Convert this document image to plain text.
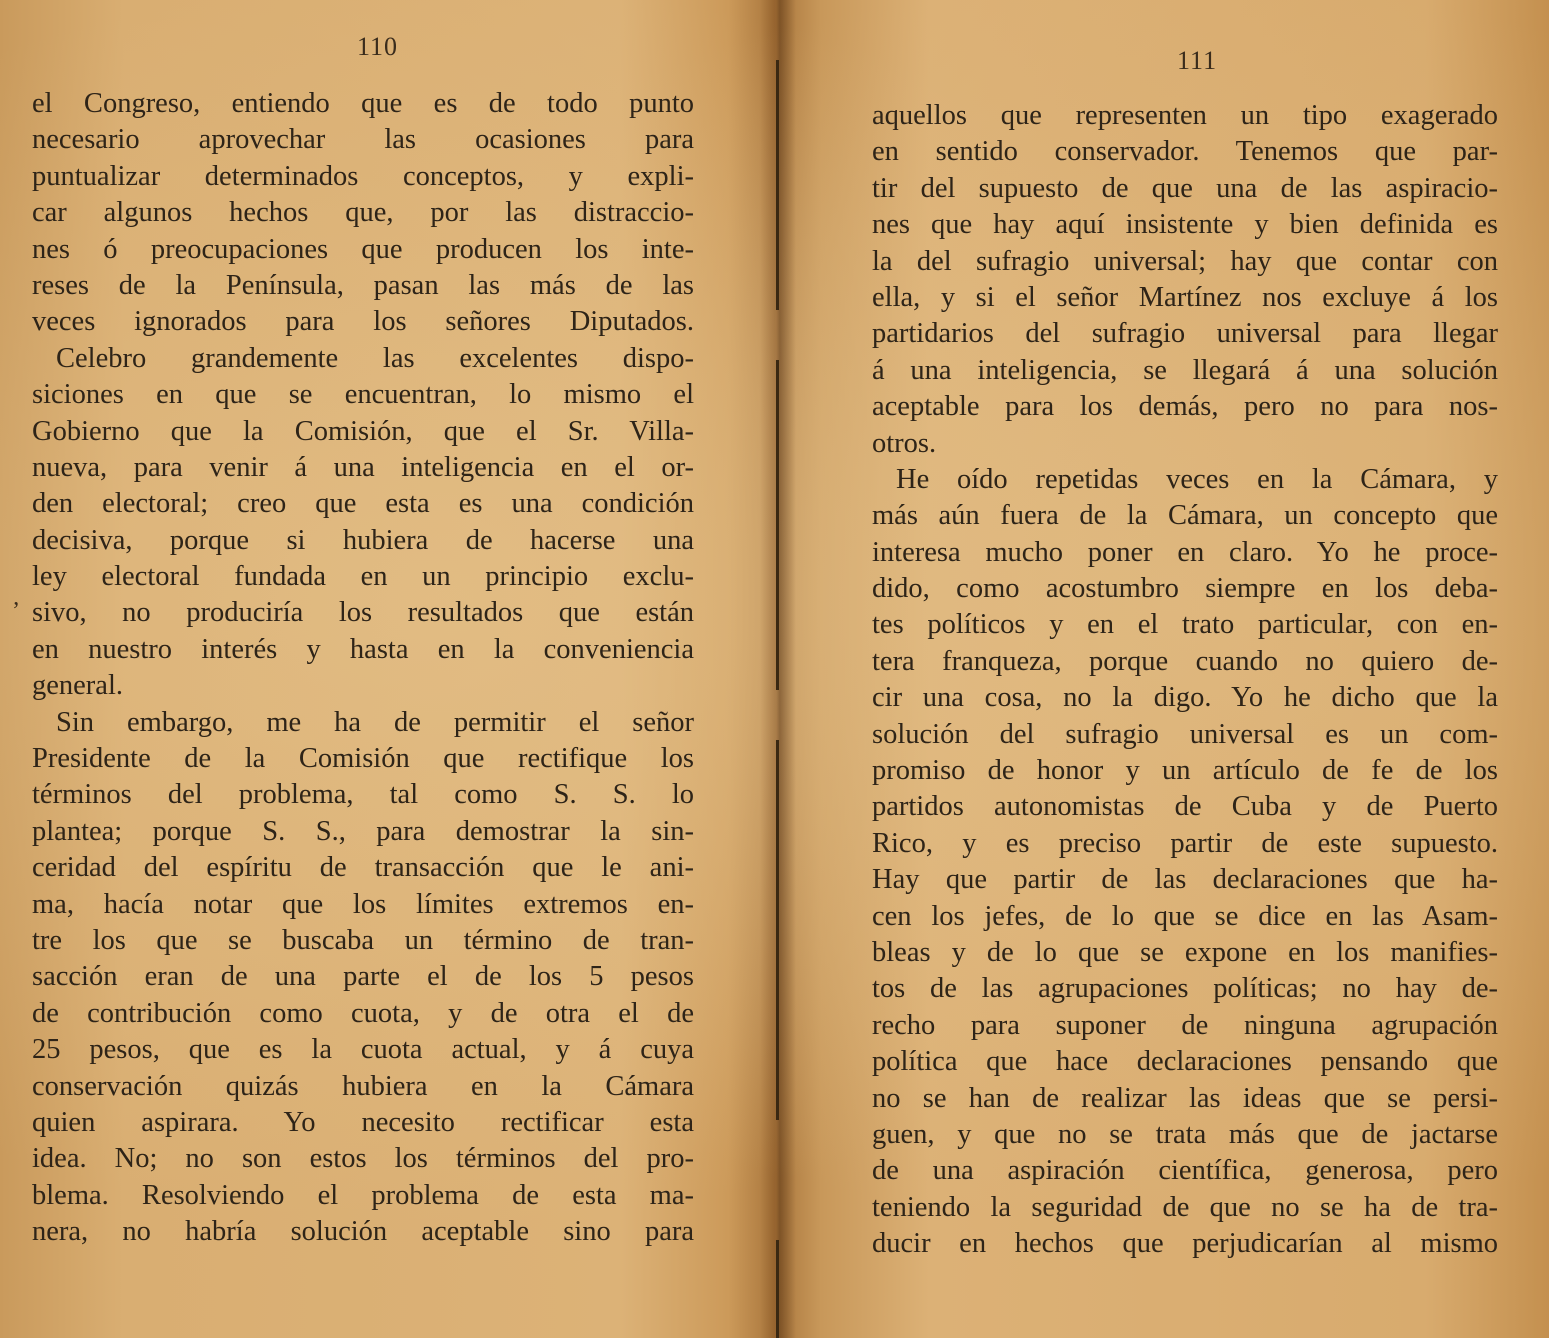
110
el Congreso, entiendo que es de todo punto
necesario aprovechar las ocasiones para
puntualizar determinados conceptos, y expli-
car algunos hechos que, por las distraccio-
nes ó preocupaciones que producen los inte-
reses de la Península, pasan las más de las
veces ignorados para los señores Diputados.
Celebro grandemente las excelentes dispo-
siciones en que se encuentran, lo mismo el
Gobierno que la Comisión, que el Sr. Villa-
nueva, para venir á una inteligencia en el or-
den electoral; creo que esta es una condición
decisiva, porque si hubiera de hacerse una
ley electoral fundada en un principio exclu-
sivo, no produciría los resultados que están
en nuestro interés y hasta en la conveniencia
general.
Sin embargo, me ha de permitir el señor
Presidente de la Comisión que rectifique los
términos del problema, tal como S. S. lo
plantea; porque S. S., para demostrar la sin-
ceridad del espíritu de transacción que le ani-
ma, hacía notar que los límites extremos en-
tre los que se buscaba un término de tran-
sacción eran de una parte el de los 5 pesos
de contribución como cuota, y de otra el de
25 pesos, que es la cuota actual, y á cuya
conservación quizás hubiera en la Cámara
quien aspirara. Yo necesito rectificar esta
idea. No; no son estos los términos del pro-
blema. Resolviendo el problema de esta ma-
nera, no habría solución aceptable sino para
ʼ
111
aquellos que representen un tipo exagerado
en sentido conservador. Tenemos que par-
tir del supuesto de que una de las aspiracio-
nes que hay aquí insistente y bien definida es
la del sufragio universal; hay que contar con
ella, y si el señor Martínez nos excluye á los
partidarios del sufragio universal para llegar
á una inteligencia, se llegará á una solución
aceptable para los demás, pero no para nos-
otros.
He oído repetidas veces en la Cámara, y
más aún fuera de la Cámara, un concepto que
interesa mucho poner en claro. Yo he proce-
dido, como acostumbro siempre en los deba-
tes políticos y en el trato particular, con en-
tera franqueza, porque cuando no quiero de-
cir una cosa, no la digo. Yo he dicho que la
solución del sufragio universal es un com-
promiso de honor y un artículo de fe de los
partidos autonomistas de Cuba y de Puerto
Rico, y es preciso partir de este supuesto.
Hay que partir de las declaraciones que ha-
cen los jefes, de lo que se dice en las Asam-
bleas y de lo que se expone en los manifies-
tos de las agrupaciones políticas; no hay de-
recho para suponer de ninguna agrupación
política que hace declaraciones pensando que
no se han de realizar las ideas que se persi-
guen, y que no se trata más que de jactarse
de una aspiración científica, generosa, pero
teniendo la seguridad de que no se ha de tra-
ducir en hechos que perjudicarían al mismo
